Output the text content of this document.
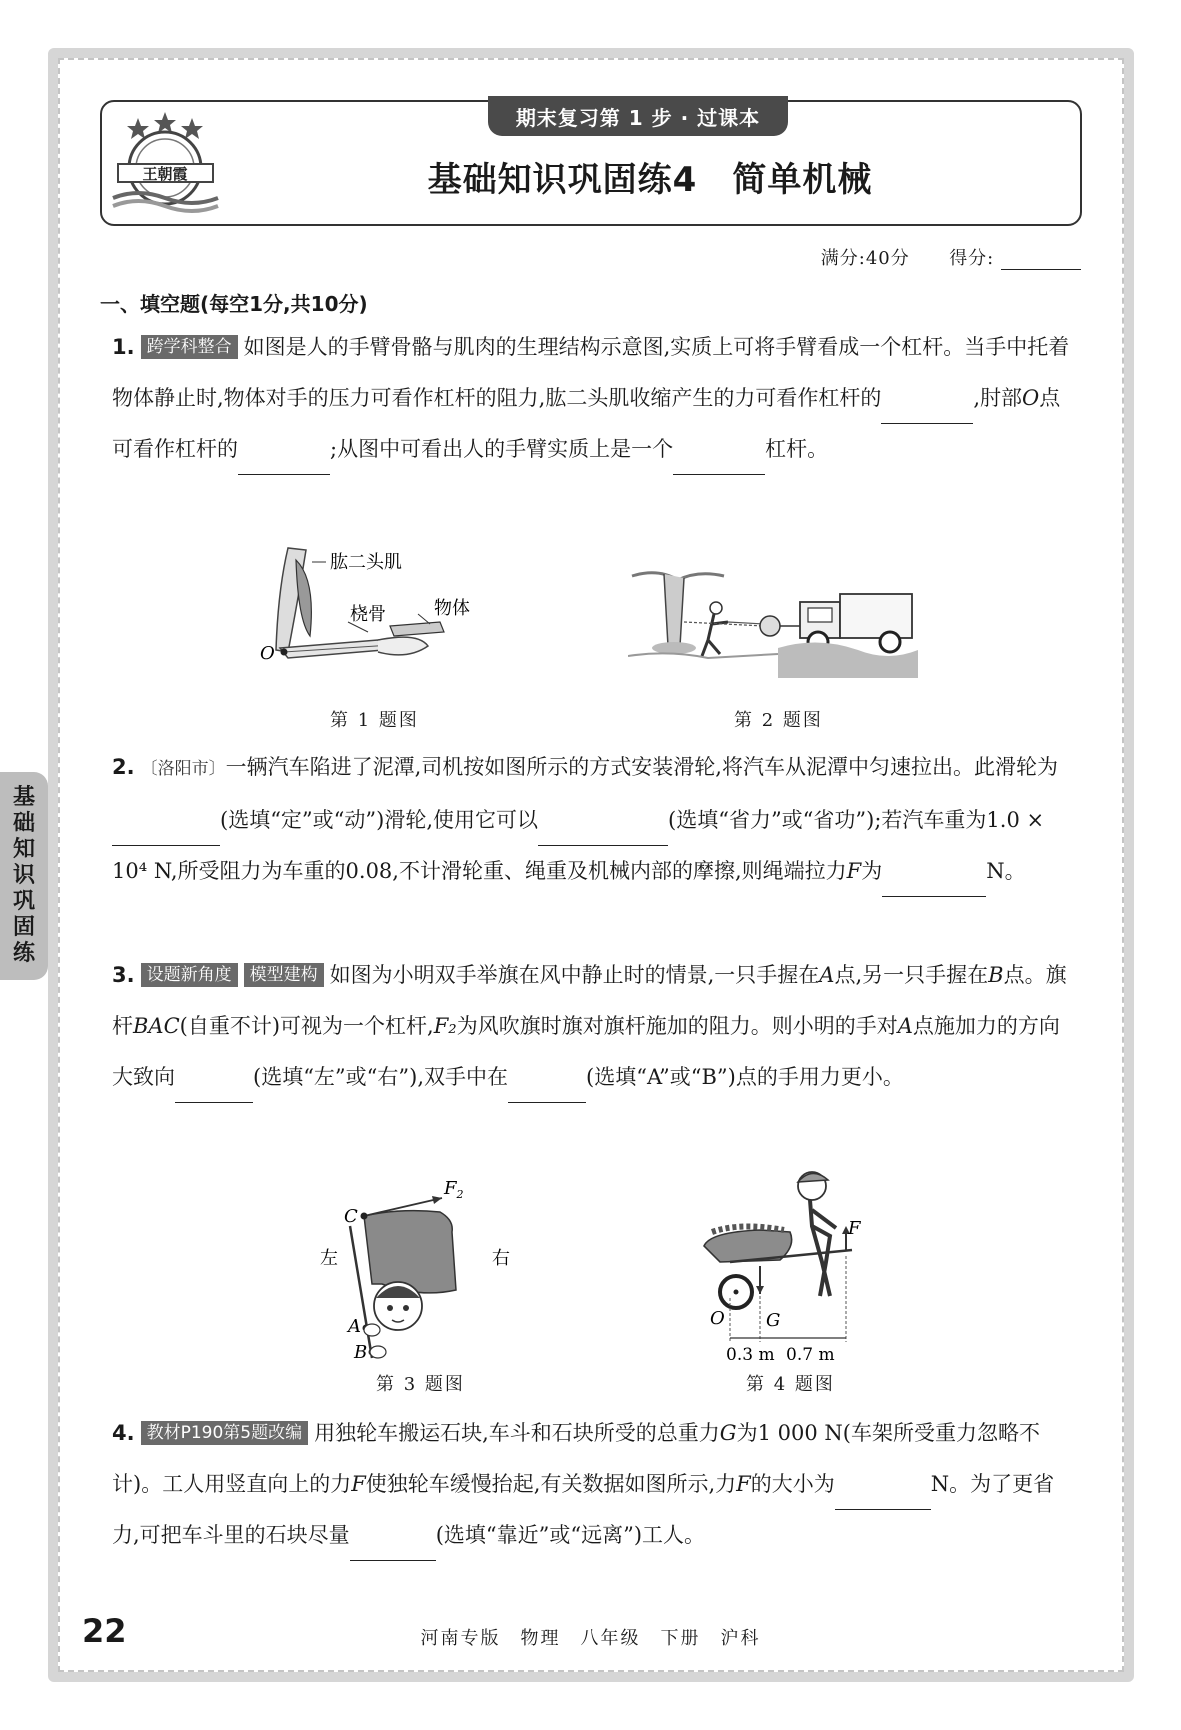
期末复习第 1 步 · 过课本
王朝霞	基础知识巩固练4　简单机械
满分:40分 得分:
一、填空题(每空1分,共10分)
1. 跨学科整合 如图是人的手臂骨骼与肌肉的生理结构示意图,实质上可将手臂看成一个杠杆。当手中托着物体静止时,物体对手的压力可看作杠杆的阻力,肱二头肌收缩产生的力可看作杠杆的	,肘部O点可看作杠杆的	;从图中可看出人的手臂实质上是一个	杠杆。
肱二头肌
桡骨	物体
O
第 1 题图	第 2 题图
基
础
知
识
巩
固
练
2. 〔洛阳市〕一辆汽车陷进了泥潭,司机按如图所示的方式安装滑轮,将汽车从泥潭中匀速拉出。此滑轮为(选填“定”或“动”)滑轮,使用它可以	(选填“省力”或“省功”);若汽车重为1.0 × 10⁴ N,所受阻力为车重的0.08,不计滑轮重、绳重及机械内部的摩擦,则绳端拉力F为	N。
3. 设题新角度 模型建构 如图为小明双手举旗在风中静止时的情景,一只手握在A点,另一只手握在B点。旗杆BAC(自重不计)可视为一个杠杆,F₂为风吹旗时旗对旗杆施加的阻力。则小明的手对A点施加力的方向大致向	(选填“左”或“右”),双手中在	(选填“A”或“B”)点的手用力更小。
C
$F_2$
左	右
A
B
第 3 题图
O G
F
0.3 m 0.7 m
第 4 题图
4. 教材P190第5题改编 用独轮车搬运石块,车斗和石块所受的总重力G为1 000 N(车架所受重力忽略不计)。工人用竖直向上的力F使独轮车缓慢抬起,有关数据如图所示,力F的大小为	N。为了更省力,可把车斗里的石块尽量	(选填“靠近”或“远离”)工人。
22	河南专版　物理　八年级　下册　沪科
